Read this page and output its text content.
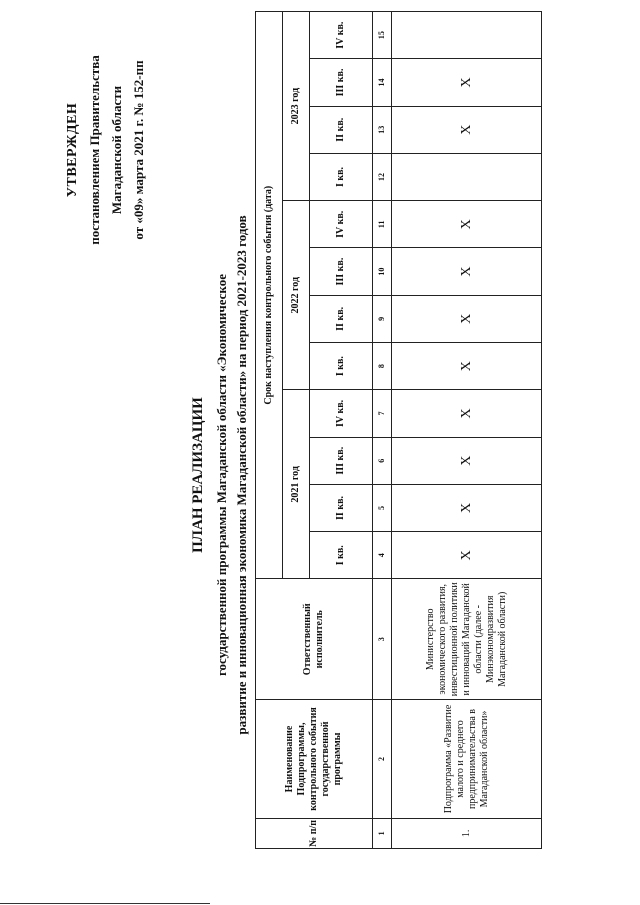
УТВЕРЖДЕН постановлением Правительства Магаданской области от «09» марта 2021 г. № 152-пп
ПЛАН РЕАЛИЗАЦИИ государственной программы Магаданской области «Экономическое развитие и инновационная экономика Магаданской области» на период 2021-2023 годов
№ п/п	Наименование Подпрограммы, контрольного события государственной программы	Ответственный исполнитель	Срок наступления контрольного события (дата)											
			2021 год				2022 год				2023 год			
			I кв.	II кв.	III кв.	IV кв.	I кв.	II кв.	III кв.	IV кв.	I кв.	II кв.	III кв.	IV кв.
1	2	3	4	5	6	7	8	9	10	11	12	13	14	15
1.	Подпрограмма «Развитие малого и среднего предпринимательства в Магаданской области»	Министерство экономического развития, инвестиционной политики и инноваций Магаданской области (далее - Минэкономразвития Магаданской области)	X	X	X	X	X	X	X	X		X	X	
